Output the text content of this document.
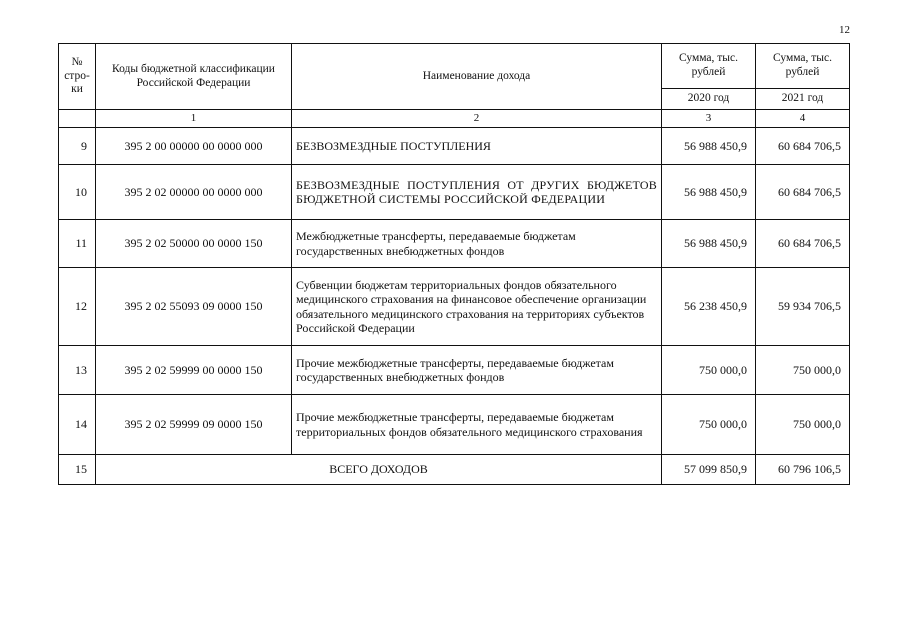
12
№ стро-ки	Коды бюджетной классификации Российской Федерации	Наименование дохода	Сумма, тыс. рублей	Сумма, тыс. рублей
			2020 год	2021 год
	1	2	3	4
9	395 2 00 00000 00 0000 000	БЕЗВОЗМЕЗДНЫЕ ПОСТУПЛЕНИЯ	56 988 450,9	60 684 706,5
10	395 2 02 00000 00 0000 000	БЕЗВОЗМЕЗДНЫЕ ПОСТУПЛЕНИЯ ОТ ДРУГИХ БЮДЖЕТОВ БЮДЖЕТНОЙ СИСТЕМЫ РОССИЙСКОЙ ФЕДЕРАЦИИ	56 988 450,9	60 684 706,5
11	395 2 02 50000 00 0000 150	Межбюджетные трансферты, передаваемые бюджетам государственных внебюджетных фондов	56 988 450,9	60 684 706,5
12	395 2 02 55093 09 0000 150	Субвенции бюджетам территориальных фондов обязательного медицинского страхования на финансовое обеспечение организации обязательного медицинского страхования на территориях субъектов Российской Федерации	56 238 450,9	59 934 706,5
13	395 2 02 59999 00 0000 150	Прочие межбюджетные трансферты, передаваемые бюджетам государственных внебюджетных фондов	750 000,0	750 000,0
14	395 2 02 59999 09 0000 150	Прочие межбюджетные трансферты, передаваемые бюджетам территориальных фондов обязательного медицинского страхования	750 000,0	750 000,0
15	ВСЕГО ДОХОДОВ		57 099 850,9	60 796 106,5
